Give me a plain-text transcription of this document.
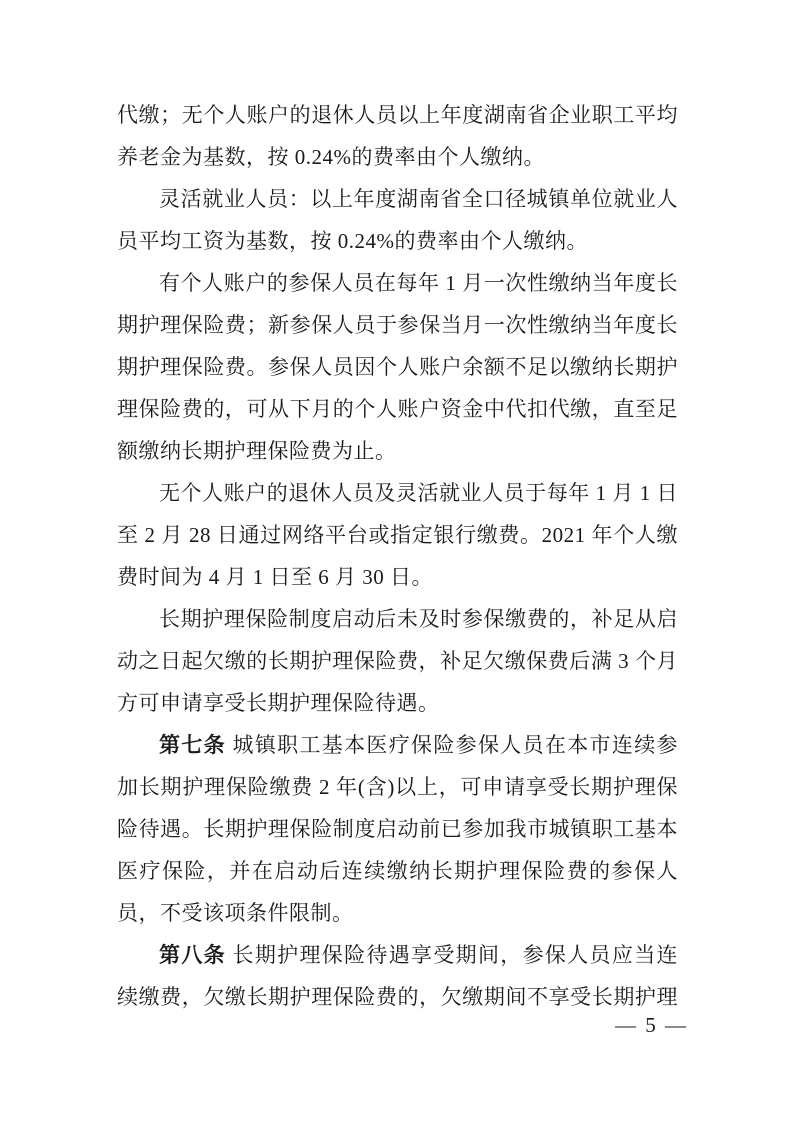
代缴；无个人账户的退休人员以上年度湖南省企业职工平均
养老金为基数，按 0.24%的费率由个人缴纳。
灵活就业人员：以上年度湖南省全口径城镇单位就业人
员平均工资为基数，按 0.24%的费率由个人缴纳。
有个人账户的参保人员在每年 1 月一次性缴纳当年度长
期护理保险费；新参保人员于参保当月一次性缴纳当年度长
期护理保险费。参保人员因个人账户余额不足以缴纳长期护
理保险费的，可从下月的个人账户资金中代扣代缴，直至足
额缴纳长期护理保险费为止。
无个人账户的退休人员及灵活就业人员于每年 1 月 1 日
至 2 月 28 日通过网络平台或指定银行缴费。2021 年个人缴
费时间为 4 月 1 日至 6 月 30 日。
长期护理保险制度启动后未及时参保缴费的，补足从启
动之日起欠缴的长期护理保险费，补足欠缴保费后满 3 个月
方可申请享受长期护理保险待遇。
第七条 城镇职工基本医疗保险参保人员在本市连续参
加长期护理保险缴费 2 年(含)以上，可申请享受长期护理保
险待遇。长期护理保险制度启动前已参加我市城镇职工基本
医疗保险，并在启动后连续缴纳长期护理保险费的参保人
员，不受该项条件限制。
第八条 长期护理保险待遇享受期间，参保人员应当连
续缴费，欠缴长期护理保险费的，欠缴期间不享受长期护理
— 5 —
